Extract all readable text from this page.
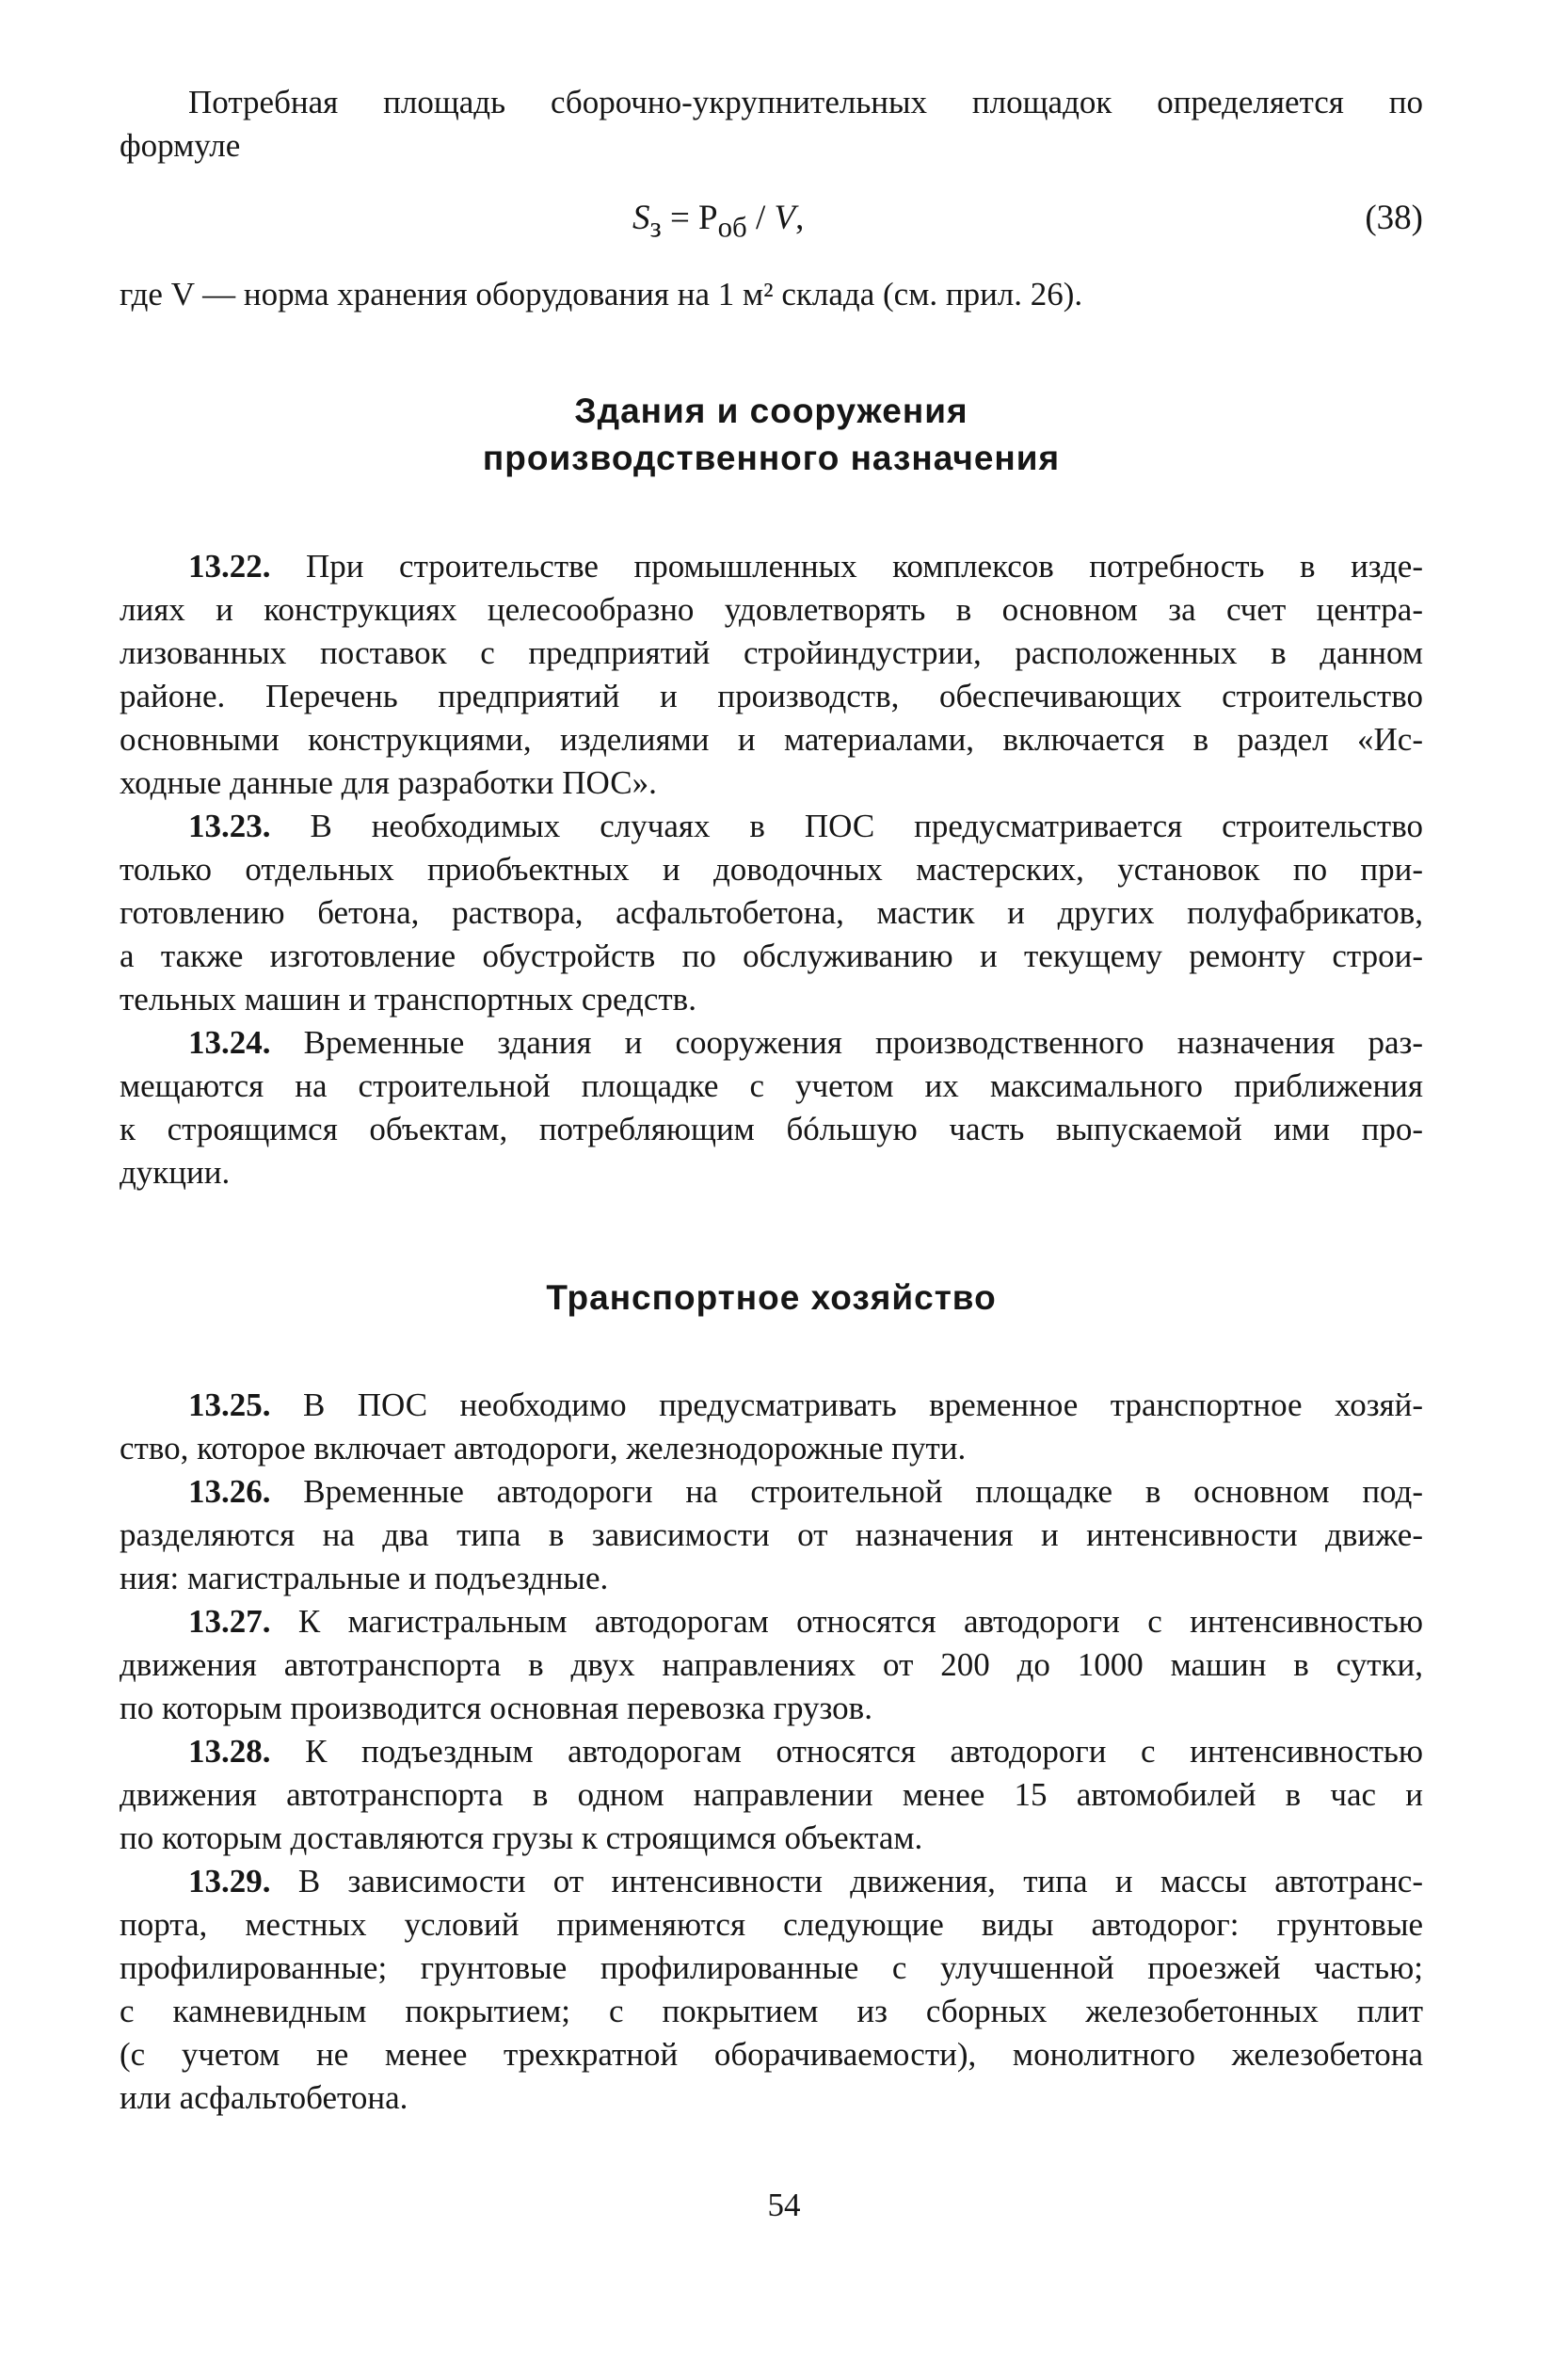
Потребная площадь сборочно-укрупнительных площадок определяется по
формуле
$S_з = Р_{об} / V$,	(38)
где V — норма хранения оборудования на 1 м² склада (см. прил. 26).
Здания и сооружения
производственного назначения
13.22. При строительстве промышленных комплексов потребность в изде-
лиях и конструкциях целесообразно удовлетворять в основном за счет центра-
лизованных поставок с предприятий стройиндустрии, расположенных в данном
районе. Перечень предприятий и производств, обеспечивающих строительство
основными конструкциями, изделиями и материалами, включается в раздел «Ис-
ходные данные для разработки ПОС».
13.23. В необходимых случаях в ПОС предусматривается строительство
только отдельных приобъектных и доводочных мастерских, установок по при-
готовлению бетона, раствора, асфальтобетона, мастик и других полуфабрикатов,
а также изготовление обустройств по обслуживанию и текущему ремонту строи-
тельных машин и транспортных средств.
13.24. Временные здания и сооружения производственного назначения раз-
мещаются на строительной площадке с учетом их максимального приближения
к строящимся объектам, потребляющим бóльшую часть выпускаемой ими про-
дукции.
Транспортное хозяйство
13.25. В ПОС необходимо предусматривать временное транспортное хозяй-
ство, которое включает автодороги, железнодорожные пути.
13.26. Временные автодороги на строительной площадке в основном под-
разделяются на два типа в зависимости от назначения и интенсивности движе-
ния: магистральные и подъездные.
13.27. К магистральным автодорогам относятся автодороги с интенсивностью
движения автотранспорта в двух направлениях от 200 до 1000 машин в сутки,
по которым производится основная перевозка грузов.
13.28. К подъездным автодорогам относятся автодороги с интенсивностью
движения автотранспорта в одном направлении менее 15 автомобилей в час и
по которым доставляются грузы к строящимся объектам.
13.29. В зависимости от интенсивности движения, типа и массы автотранс-
порта, местных условий применяются следующие виды автодорог: грунтовые
профилированные; грунтовые профилированные с улучшенной проезжей частью;
с камневидным покрытием; с покрытием из сборных железобетонных плит
(с учетом не менее трехкратной оборачиваемости), монолитного железобетона
или асфальтобетона.
54
